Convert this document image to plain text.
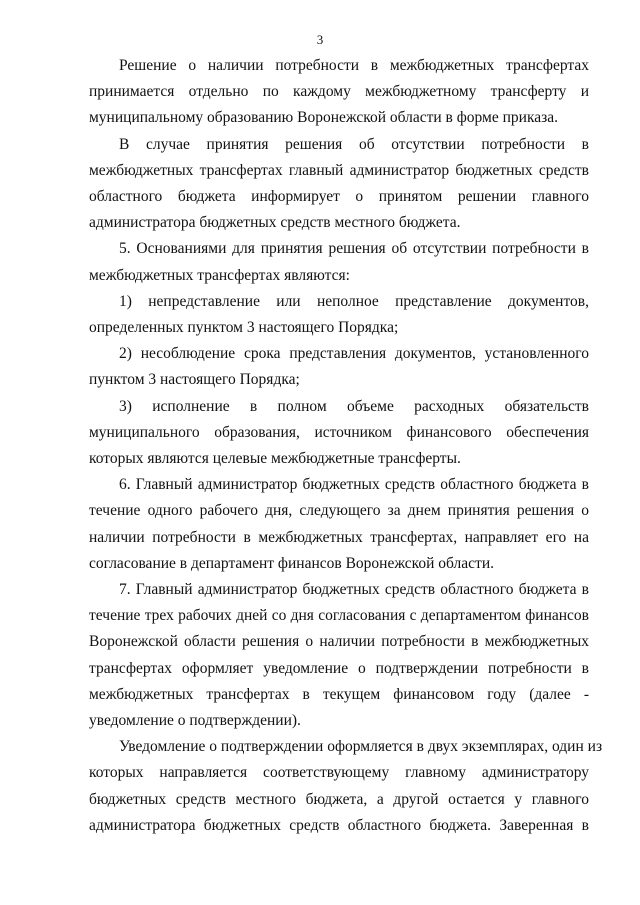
3

Решение о наличии потребности в межбюджетных трансфертах
принимается отдельно по каждому межбюджетному трансферту и
муниципальному образованию Воронежской области в форме приказа.

В случае принятия решения об отсутствии потребности в
межбюджетных трансфертах главный администратор бюджетных средств
областного бюджета информирует о принятом решении главного
администратора бюджетных средств местного бюджета.

5. Основаниями для принятия решения об отсутствии потребности в
межбюджетных трансфертах являются:

1) непредставление или неполное представление документов,
определенных пунктом 3 настоящего Порядка;

2) несоблюдение срока представления документов, установленного
пунктом 3 настоящего Порядка;

3) исполнение в полном объеме расходных обязательств
муниципального образования, источником финансового обеспечения
которых являются целевые межбюджетные трансферты.

6. Главный администратор бюджетных средств областного бюджета в
течение одного рабочего дня, следующего за днем принятия решения о
наличии потребности в межбюджетных трансфертах, направляет его на
согласование в департамент финансов Воронежской области.

7. Главный администратор бюджетных средств областного бюджета в
течение трех рабочих дней со дня согласования с департаментом финансов
Воронежской области решения о наличии потребности в межбюджетных
трансфертах оформляет уведомление о подтверждении потребности в
межбюджетных трансфертах в текущем финансовом году (далее -
уведомление о подтверждении).

Уведомление о подтверждении оформляется в двух экземплярах, один из
которых направляется соответствующему главному администратору
бюджетных средств местного бюджета, а другой остается у главного
администратора бюджетных средств областного бюджета. Заверенная в
